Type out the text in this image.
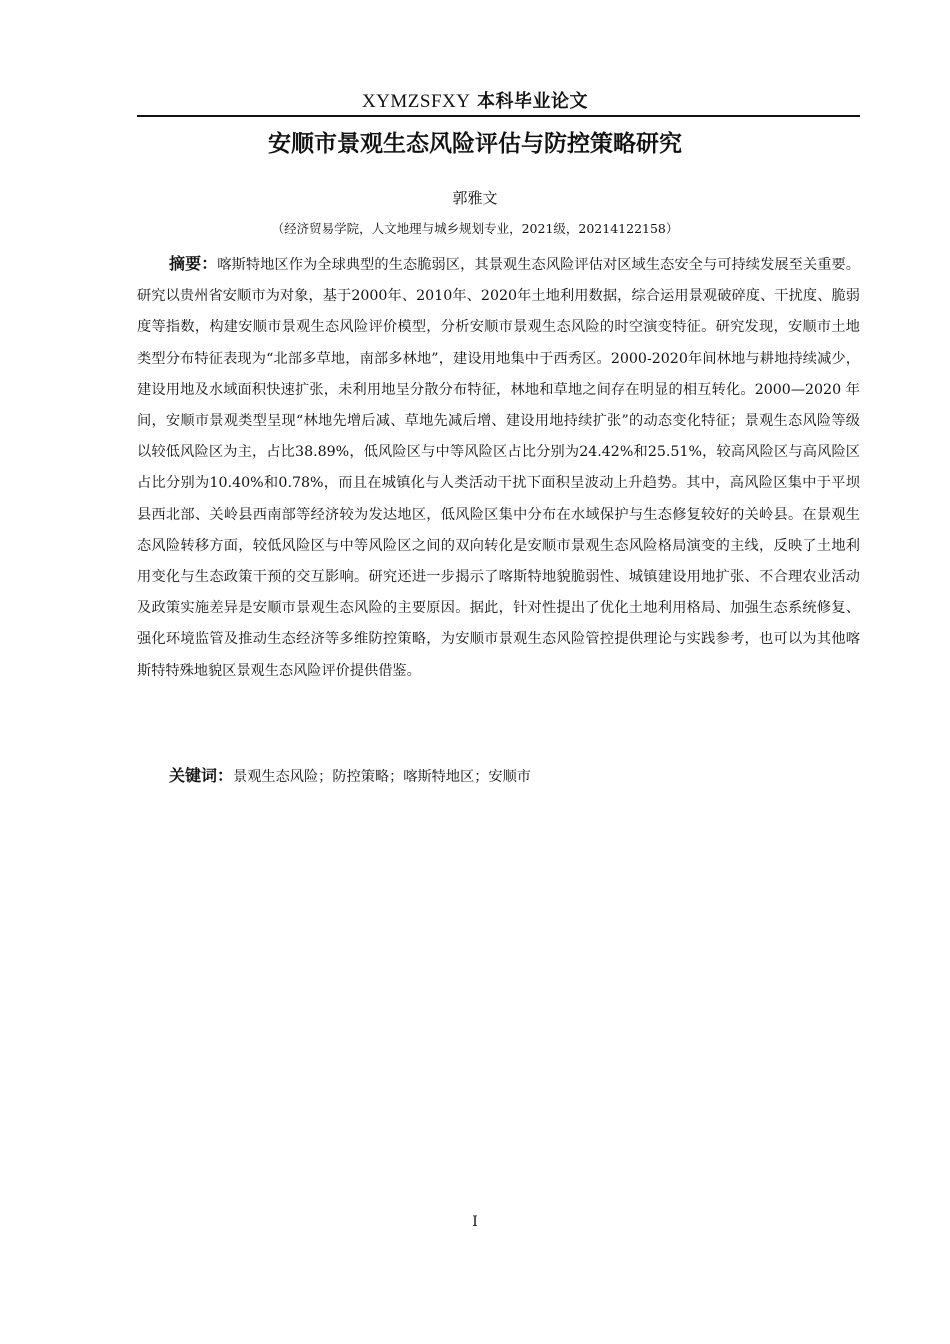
XYMZSFXY 本科毕业论文
安顺市景观生态风险评估与防控策略研究
郭雅文
（经济贸易学院，人文地理与城乡规划专业，2021级，20214122158）

摘要：喀斯特地区作为全球典型的生态脆弱区，其景观生态风险评估对区域生态安全与可持续发展至关重要。研究以贵州省安顺市为对象，基于2000年、2010年、2020年土地利用数据，综合运用景观破碎度、干扰度、脆弱度等指数，构建安顺市景观生态风险评价模型，分析安顺市景观生态风险的时空演变特征。研究发现，安顺市土地类型分布特征表现为“北部多草地，南部多林地”，建设用地集中于西秀区。2000-2020年间林地与耕地持续减少，建设用地及水域面积快速扩张，未利用地呈分散分布特征，林地和草地之间存在明显的相互转化。2000—2020 年间，安顺市景观类型呈现“林地先增后减、草地先减后增、建设用地持续扩张”的动态变化特征；景观生态风险等级以较低风险区为主，占比38.89%，低风险区与中等风险区占比分别为24.42%和25.51%，较高风险区与高风险区占比分别为10.40%和0.78%，而且在城镇化与人类活动干扰下面积呈波动上升趋势。其中，高风险区集中于平坝县西北部、关岭县西南部等经济较为发达地区，低风险区集中分布在水域保护与生态修复较好的关岭县。在景观生态风险转移方面，较低风险区与中等风险区之间的双向转化是安顺市景观生态风险格局演变的主线，反映了土地利用变化与生态政策干预的交互影响。研究还进一步揭示了喀斯特地貌脆弱性、城镇建设用地扩张、不合理农业活动及政策实施差异是安顺市景观生态风险的主要原因。据此，针对性提出了优化土地利用格局、加强生态系统修复、强化环境监管及推动生态经济等多维防控策略，为安顺市景观生态风险管控提供理论与实践参考，也可以为其他喀斯特特殊地貌区景观生态风险评价提供借鉴。

关键词：景观生态风险；防控策略；喀斯特地区；安顺市

I
